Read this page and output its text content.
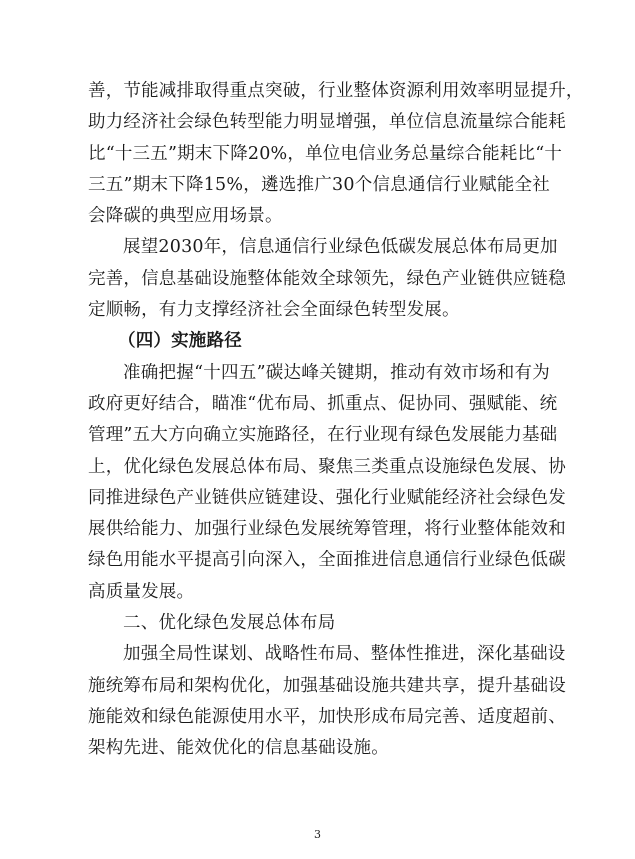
善，节能减排取得重点突破，行业整体资源利用效率明显提升，
助力经济社会绿色转型能力明显增强，单位信息流量综合能耗
比“十三五”期末下降20%，单位电信业务总量综合能耗比“十
三五”期末下降15%，遴选推广30个信息通信行业赋能全社
会降碳的典型应用场景。
展望2030年，信息通信行业绿色低碳发展总体布局更加
完善，信息基础设施整体能效全球领先，绿色产业链供应链稳
定顺畅，有力支撑经济社会全面绿色转型发展。
（四）实施路径
准确把握“十四五”碳达峰关键期，推动有效市场和有为
政府更好结合，瞄准“优布局、抓重点、促协同、强赋能、统
管理”五大方向确立实施路径，在行业现有绿色发展能力基础
上，优化绿色发展总体布局、聚焦三类重点设施绿色发展、协
同推进绿色产业链供应链建设、强化行业赋能经济社会绿色发
展供给能力、加强行业绿色发展统筹管理，将行业整体能效和
绿色用能水平提高引向深入，全面推进信息通信行业绿色低碳
高质量发展。
二、优化绿色发展总体布局
加强全局性谋划、战略性布局、整体性推进，深化基础设
施统筹布局和架构优化，加强基础设施共建共享，提升基础设
施能效和绿色能源使用水平，加快形成布局完善、适度超前、
架构先进、能效优化的信息基础设施。
3
